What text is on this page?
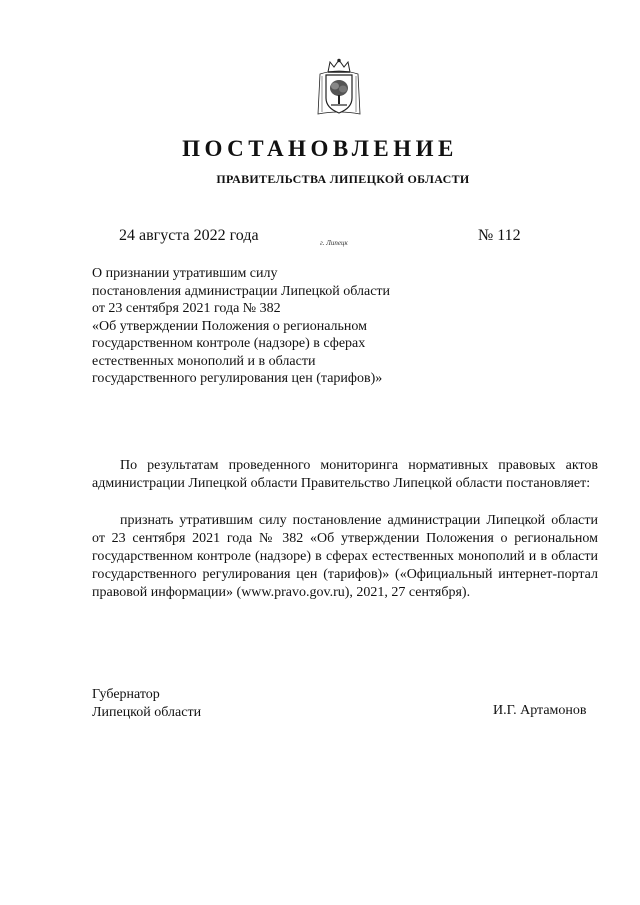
ПОСТАНОВЛЕНИЕ
ПРАВИТЕЛЬСТВА ЛИПЕЦКОЙ ОБЛАСТИ
24 августа 2022 года	г. Липецк	№ 112
О признании утратившим силу
постановления администрации Липецкой области
от 23 сентября 2021 года № 382
«Об утверждении Положения о региональном
государственном контроле (надзоре) в сферах
естественных монополий и в области
государственного регулирования цен (тарифов)»
По результатам проведенного мониторинга нормативных правовых актов администрации Липецкой области Правительство Липецкой области постановляет:
признать утратившим силу постановление администрации Липецкой области от 23 сентября 2021 года № 382 «Об утверждении Положения о региональном государственном контроле (надзоре) в сферах естественных монополий и в области государственного регулирования цен (тарифов)» («Официальный интернет-портал правовой информации» (www.pravo.gov.ru), 2021, 27 сентября).
Губернатор
Липецкой области	И.Г. Артамонов
